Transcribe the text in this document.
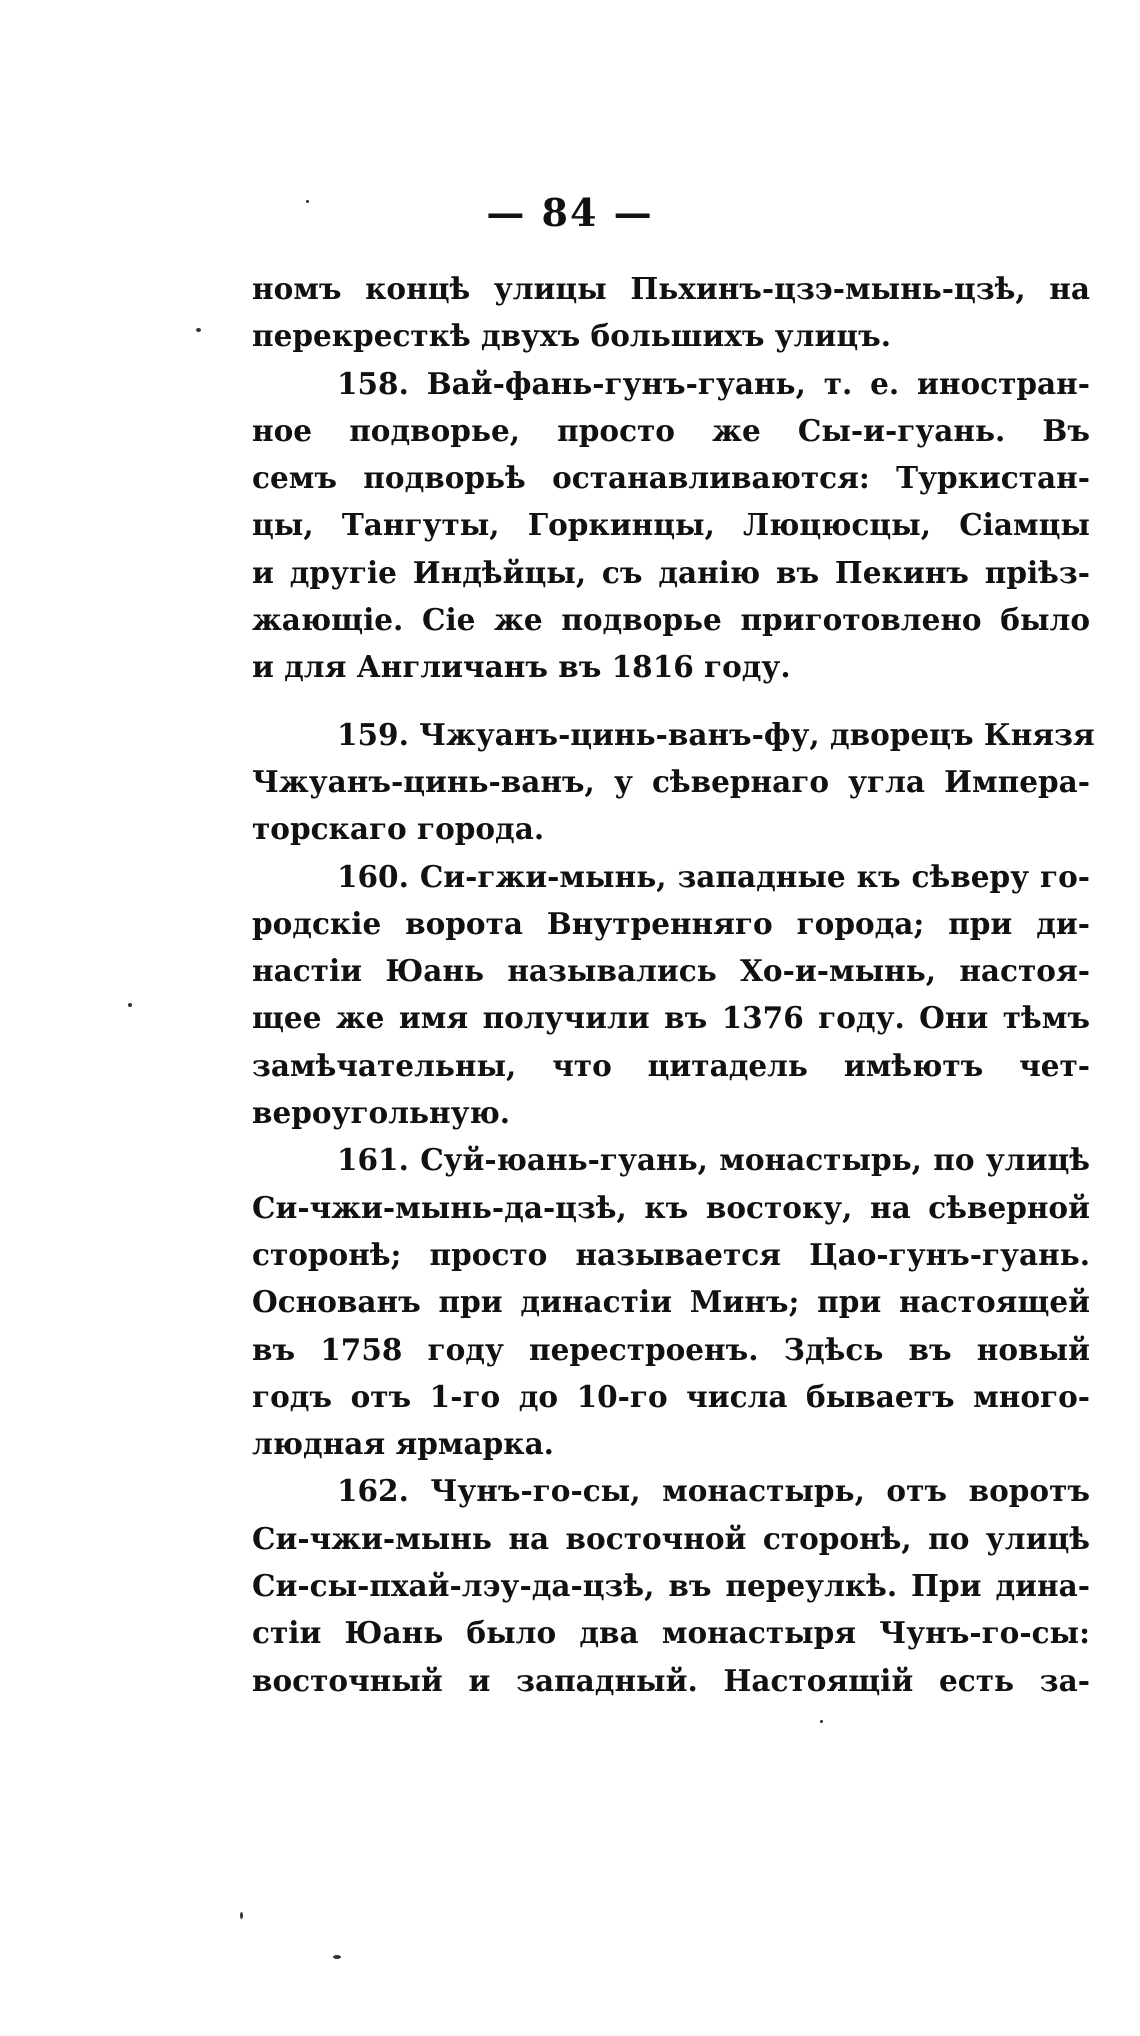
— 84 —
номъ концѣ улицы Пьхинъ-цзэ-мынь-цзѣ, на
перекресткѣ двухъ большихъ улицъ.
158. Вай-фань-гунъ-гуань, т. е. иностран-
ное подворье, просто же Сы-и-гуань. Въ
семъ подворьѣ останавливаются: Туркистан-
цы, Тангуты, Горкинцы, Люцюсцы, Сіамцы
и другіе Индѣйцы, съ данію въ Пекинъ пріѣз-
жающіе. Сіе же подворье приготовлено было
и для Англичанъ въ 1816 году.
159. Чжуанъ-цинь-ванъ-фу, дворецъ Князя
Чжуанъ-цинь-ванъ, у сѣвернаго угла Импера-
торскаго города.
160. Си-гжи-мынь, западные къ сѣверу го-
родскіе ворота Внутренняго города; при ди-
настіи Юань назывались Хо-и-мынь, настоя-
щее же имя получили въ 1376 году. Они тѣмъ
замѣчательны, что цитадель имѣютъ чет-
вероугольную.
161. Суй-юань-гуань, монастырь, по улицѣ
Си-чжи-мынь-да-цзѣ, къ востоку, на сѣверной
сторонѣ; просто называется Цао-гунъ-гуань.
Основанъ при династіи Минъ; при настоящей
въ 1758 году перестроенъ. Здѣсь въ новый
годъ отъ 1-го до 10-го числа бываетъ много-
людная ярмарка.
162. Чунъ-го-сы, монастырь, отъ воротъ
Си-чжи-мынь на восточной сторонѣ, по улицѣ
Си-сы-пхай-лэу-да-цзѣ, въ переулкѣ. При дина-
стіи Юань было два монастыря Чунъ-го-сы:
восточный и западный. Настоящій есть за-
